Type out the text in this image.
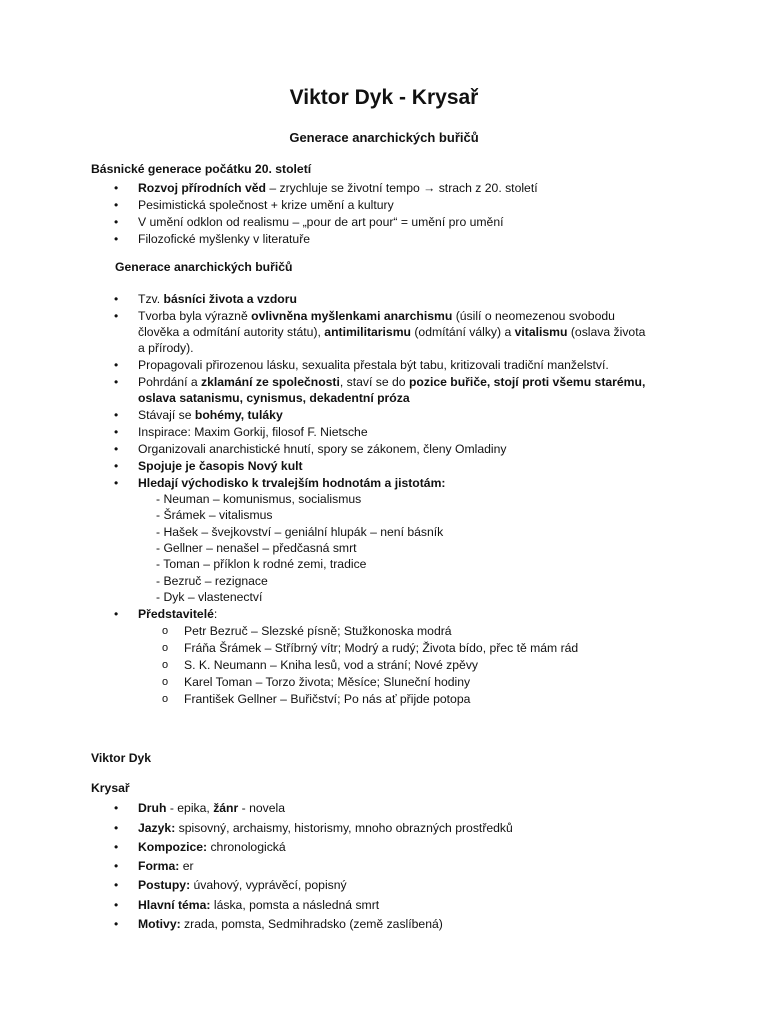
Viktor Dyk - Krysař
Generace anarchických buřičů
Básnické generace počátku 20. století
• Rozvoj přírodních věd – zrychluje se životní tempo → strach z 20. století
• Pesimistická společnost + krize umění a kultury
• V umění odklon od realismu – „pour de art pour“ = umění pro umění
• Filozofické myšlenky v literatuře
Generace anarchických buřičů
• Tzv. básníci života a vzdoru
• Tvorba byla výrazně ovlivněna myšlenkami anarchismu (úsilí o neomezenou svobodu
člověka a odmítání autority státu), antimilitarismu (odmítání války) a vitalismu (oslava života
a přírody).
• Propagovali přirozenou lásku, sexualita přestala být tabu, kritizovali tradiční manželství.
• Pohrdání a zklamání ze společnosti, staví se do pozice buřiče, stojí proti všemu starému,
oslava satanismu, cynismus, dekadentní próza
• Stávají se bohémy, tuláky
• Inspirace: Maxim Gorkij, filosof F. Nietsche
• Organizovali anarchistické hnutí, spory se zákonem, členy Omladiny
• Spojuje je časopis Nový kult
• Hledají východisko k trvalejším hodnotám a jistotám:
- Neuman – komunismus, socialismus
- Šrámek – vitalismus
- Hašek – švejkovství – geniální hlupák – není básník
- Gellner – nenašel – předčasná smrt
- Toman – příklon k rodné zemi, tradice
- Bezruč – rezignace
- Dyk – vlastenectví
• Představitelé:
o Petr Bezruč – Slezské písně; Stužkonoska modrá
o Fráňa Šrámek – Stříbrný vítr; Modrý a rudý; Života bído, přec tě mám rád
o S. K. Neumann – Kniha lesů, vod a strání; Nové zpěvy
o Karel Toman – Torzo života; Měsíce; Sluneční hodiny
o František Gellner – Buřičství; Po nás ať přijde potopa
Viktor Dyk
Krysař
• Druh - epika, žánr - novela
• Jazyk: spisovný, archaismy, historismy, mnoho obrazných prostředků
• Kompozice: chronologická
• Forma: er
• Postupy: úvahový, vyprávěcí, popisný
• Hlavní téma: láska, pomsta a následná smrt
• Motivy: zrada, pomsta, Sedmihradsko (země zaslíbená)
